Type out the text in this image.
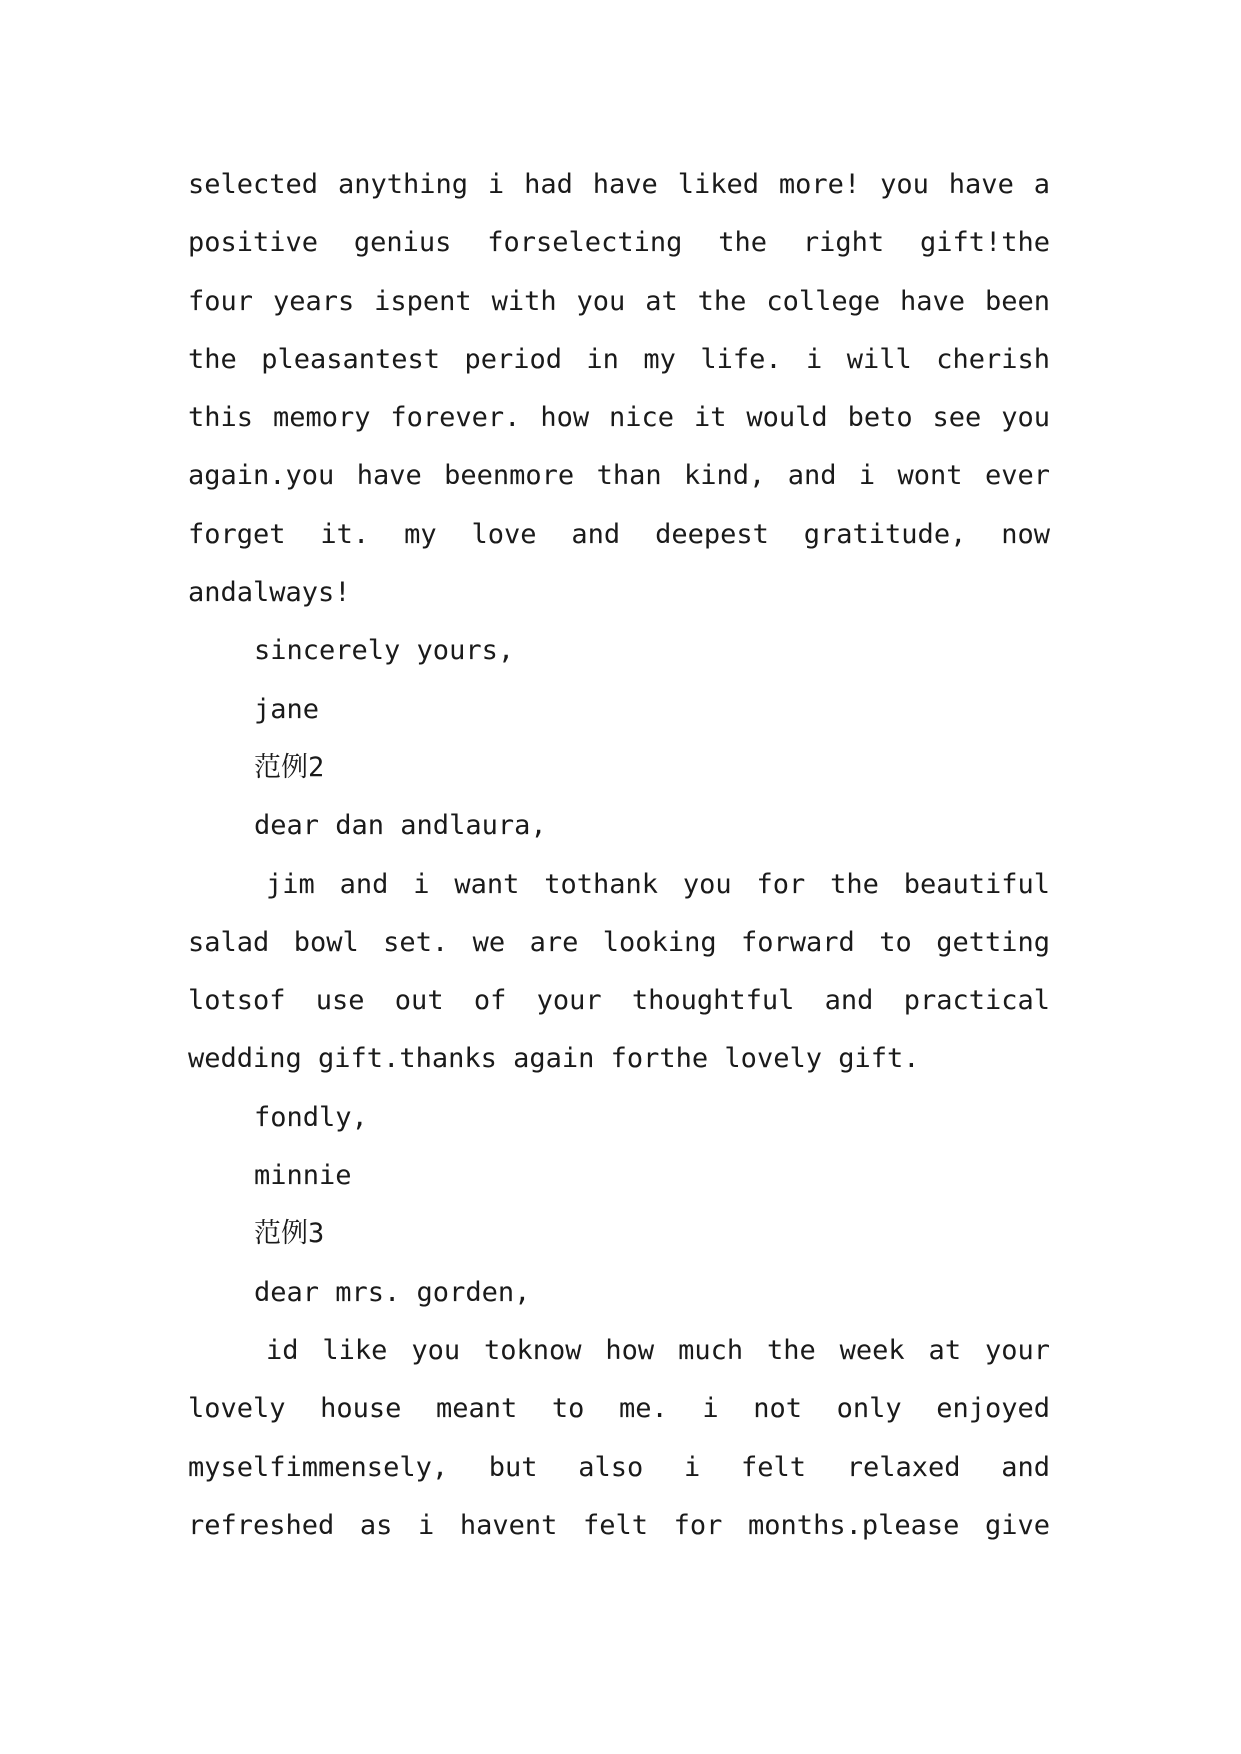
selected anything i had have liked more! you have a
positive genius forselecting the right gift!the
four years ispent with you at the college have been
the pleasantest period in my life. i will cherish
this memory forever. how nice it would beto see you
again.you have beenmore than kind, and i wont ever
forget it. my love and deepest gratitude, now
andalways!
sincerely yours,
jane
范例2
dear dan andlaura,
jim and i want tothank you for the beautiful
salad bowl set. we are looking forward to getting
lotsof use out of your thoughtful and practical
wedding gift.thanks again forthe lovely gift.
fondly,
minnie
范例3
dear mrs. gorden,
id like you toknow how much the week at your
lovely house meant to me. i not only enjoyed
myselfimmensely, but also i felt relaxed and
refreshed as i havent felt for months.please give
